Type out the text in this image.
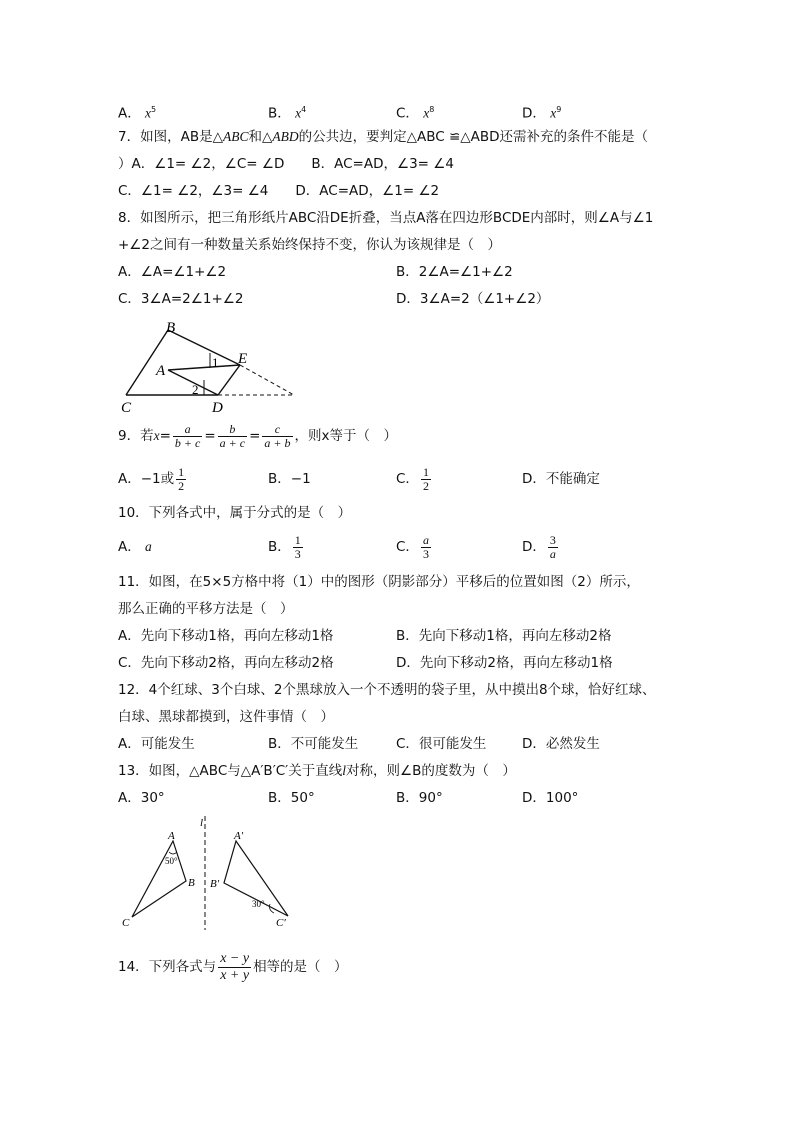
A． $x^5$	B． $x^4$	C． $x^8$	D． $x^9$
7．如图，AB是△ABC和△ABD的公共边，要判定△ABC ≌△ABD还需补充的条件不能是（
）A．∠1= ∠2，∠C= ∠D　　B．AC=AD，∠3= ∠4
C．∠1= ∠2，∠3= ∠4　　D．AC=AD，∠1= ∠2
8．如图所示，把三角形纸片ABC沿DE折叠，当点A落在四边形BCDE内部时，则∠A与∠1
+∠2之间有一种数量关系始终保持不变，你认为该规律是（　）
A．∠A=∠1+∠2	B．2∠A=∠1+∠2
C．3∠A=2∠1+∠2	D．3∠A=2（∠1+∠2）
B
E
A
C	D
1
2
9．若$x= \frac{a}{b + c} = \frac{b}{a + c} = \frac{c}{a + b}$ ，则x等于（　）
A．−1或 $\frac{1}{2}$	B．−1	C． $\frac{1}{2}$	D．不能确定
10．下列各式中，属于分式的是（　）
A． a	B． $\frac{1}{3}$	C． $\frac{a}{3}$	D． $\frac{3}{a}$
11．如图，在5×5方格中将（1）中的图形（阴影部分）平移后的位置如图（2）所示，
那么正确的平移方法是（　）
A．先向下移动1格，再向左移动1格	B．先向下移动1格，再向左移动2格
C．先向下移动2格，再向左移动2格	D．先向下移动2格，再向左移动1格
12．4个红球、3个白球、2个黑球放入一个不透明的袋子里，从中摸出8个球，恰好红球、
白球、黑球都摸到，这件事情（　）
A．可能发生	B．不可能发生	C．很可能发生	D．必然发生
13．如图，△ABC与△A′B′C′关于直线l对称，则∠B的度数为（　）
A．30°	B．50°	B．90°	D．100°
A
B
C
A′
B′
C′
l
50°
30°
14．下列各式与 $\frac{x - y}{x + y}$ 相等的是（　）
